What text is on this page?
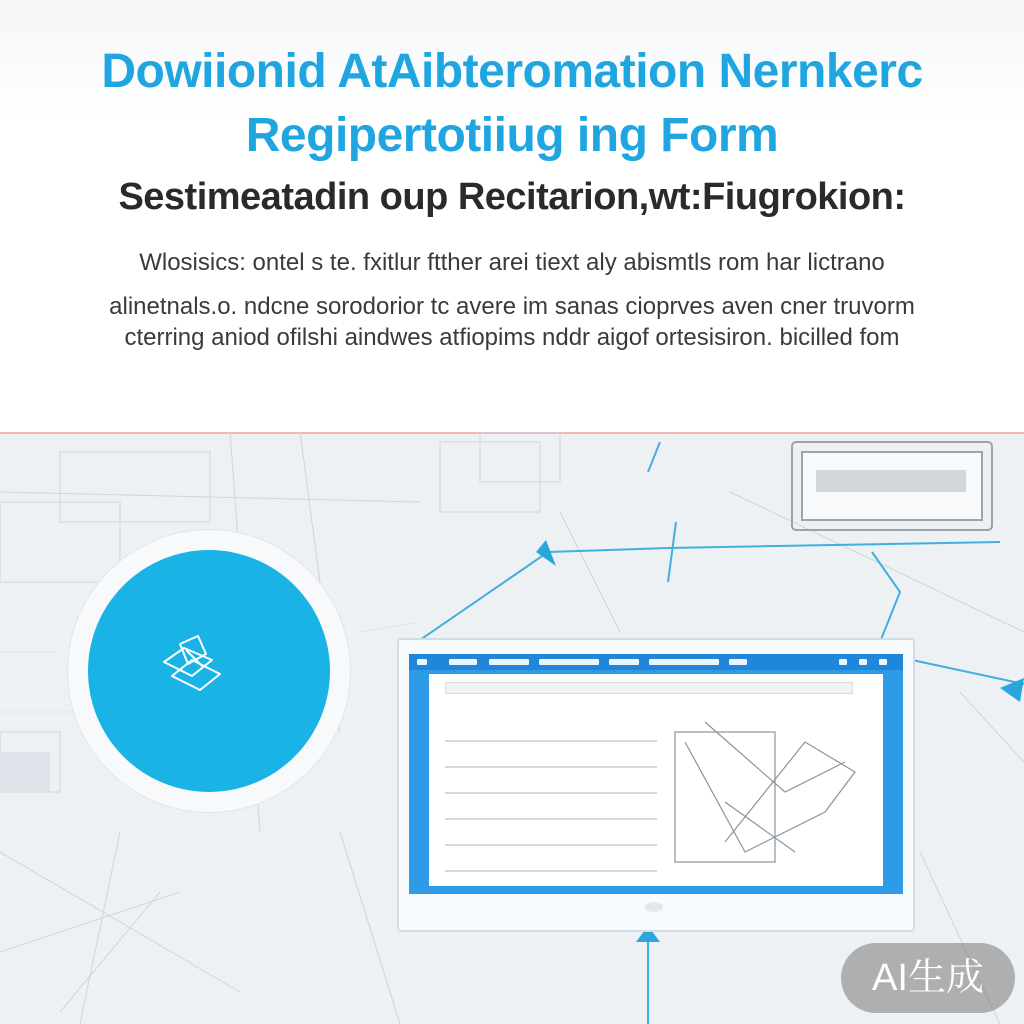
Dowiionid AtAibteromation Nernkerc
Regipertotiiug ing Form
Sestimeatadin oup Recitarion,wt:Fiugrokion:
Wlosisics: ontel s te. fxitlur ftther arei tiext aly abismtls rom har lictrano
alinetnals.o. ndcne sorodorior tc avere im sanas cioprves aven cner truvorm
cterring aniod ofilshi aindwes atfiopims nddr aigof ortesisiron. bicilled fom
AI生成
